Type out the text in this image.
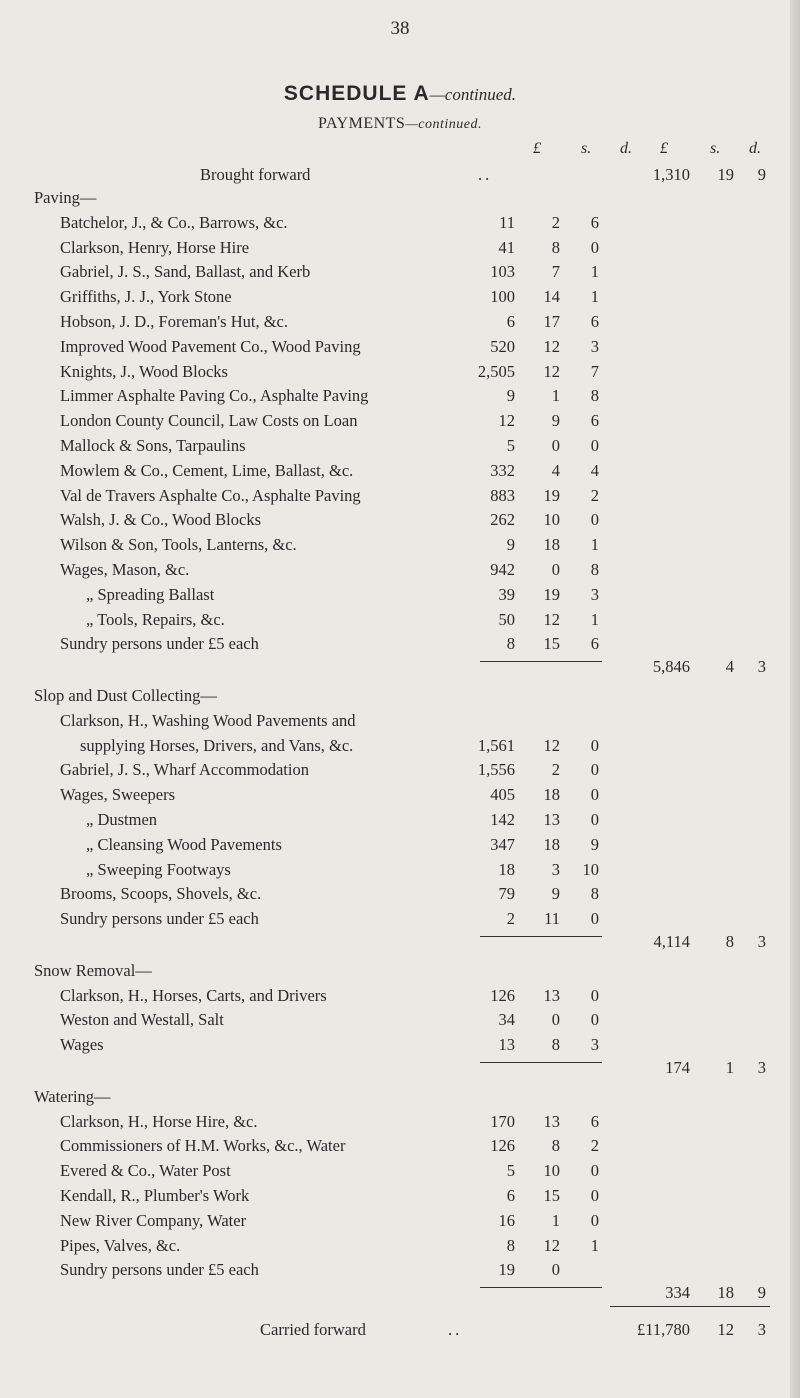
38
SCHEDULE A—continued.
PAYMENTS—continued.
£	s. d. £	s. d.
Brought forward	..	1,310	19	9
Paving—
Batchelor, J., & Co., Barrows, &c.	11	2	6
Clarkson, Henry, Horse Hire	41	8	0
Gabriel, J. S., Sand, Ballast, and Kerb	103	7	1
Griffiths, J. J., York Stone	100	14	1
Hobson, J. D., Foreman's Hut, &c.	6	17	6
Improved Wood Pavement Co., Wood Paving	520	12	3
Knights, J., Wood Blocks	2,505	12	7
Limmer Asphalte Paving Co., Asphalte Paving	9	1	8
London County Council, Law Costs on Loan	12	9	6
Mallock & Sons, Tarpaulins	5	0	0
Mowlem & Co., Cement, Lime, Ballast, &c.	332	4	4
Val de Travers Asphalte Co., Asphalte Paving	883	19	2
Walsh, J. & Co., Wood Blocks	262	10	0
Wilson & Son, Tools, Lanterns, &c.	9	18	1
Wages, Mason, &c.	942	0	8
„ Spreading Ballast	39	19	3
„ Tools, Repairs, &c.	50	12	1
Sundry persons under £5 each	8	15	6
5,846	4	3
Slop and Dust Collecting—
Clarkson, H., Washing Wood Pavements and
supplying Horses, Drivers, and Vans, &c.	1,561	12	0
Gabriel, J. S., Wharf Accommodation	1,556	2	0
Wages, Sweepers	405	18	0
„ Dustmen	142	13	0
„ Cleansing Wood Pavements	347	18	9
„ Sweeping Footways	18	3	10
Brooms, Scoops, Shovels, &c.	79	9	8
Sundry persons under £5 each	2	11	0
4,114	8	3
Snow Removal—
Clarkson, H., Horses, Carts, and Drivers	126	13	0
Weston and Westall, Salt	34	0	0
Wages	13	8	3
174	1	3
Watering—
Clarkson, H., Horse Hire, &c.	170	13	6
Commissioners of H.M. Works, &c., Water	126	8	2
Evered & Co., Water Post	5	10	0
Kendall, R., Plumber's Work	6	15	0
New River Company, Water	16	1	0
Pipes, Valves, &c.	8	12	1
Sundry persons under £5 each	19	0
334	18	9
Carried forward	..	£11,780	12	3
